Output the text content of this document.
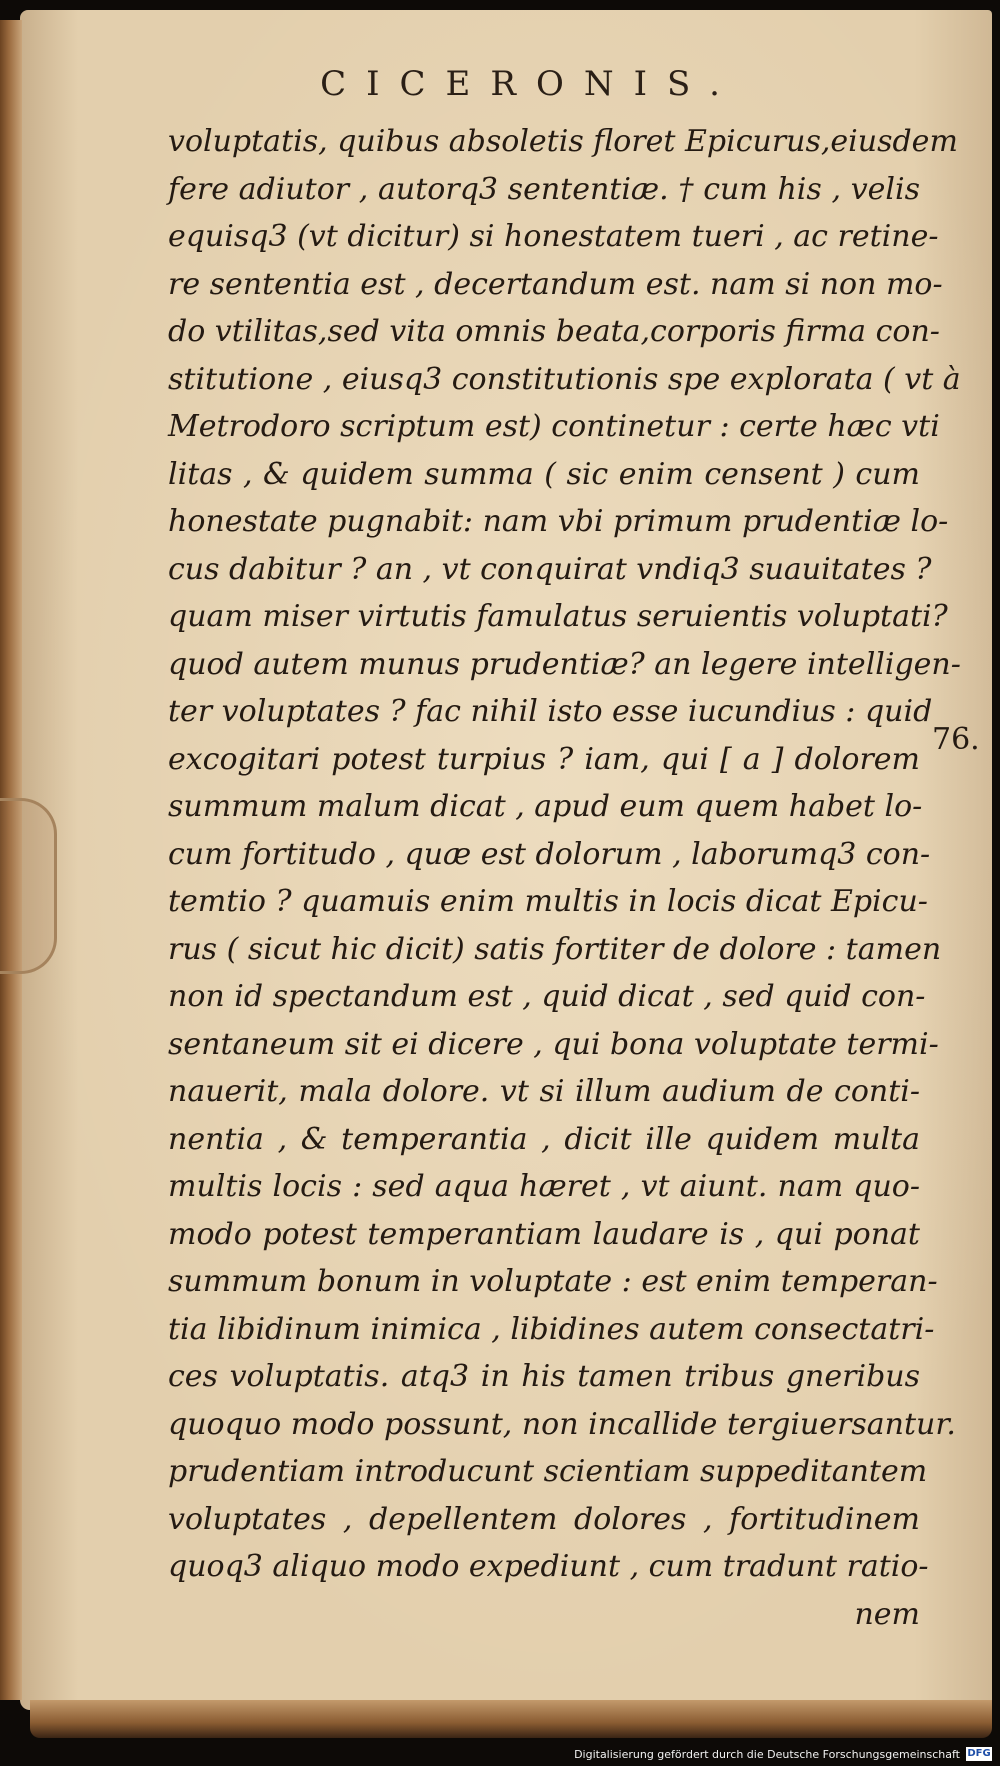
CICERONIS.
voluptatis, quibus absoletis floret Epicurus,eiusdem
fere adiutor , autorq3 sententiæ. † cum his , velis
equisq3 (vt dicitur) si honestatem tueri , ac retine-
re sententia est , decertandum est. nam si non mo-
do vtilitas,sed vita omnis beata,corporis firma con-
stitutione , eiusq3 constitutionis spe explorata ( vt à
Metrodoro scriptum est) continetur : certe hæc vti
litas , & quidem summa ( sic enim censent ) cum
honestate pugnabit: nam vbi primum prudentiæ lo-
cus dabitur ? an , vt conquirat vndiq3 suauitates ?
quam miser virtutis famulatus seruientis voluptati?
quod autem munus prudentiæ? an legere intelligen-
ter voluptates ? fac nihil isto esse iucundius : quid
excogitari potest turpius ? iam, qui [ a ] dolorem
summum malum dicat , apud eum quem habet lo-
cum fortitudo , quæ est dolorum , laborumq3 con-
temtio ? quamuis enim multis in locis dicat Epicu-
rus ( sicut hic dicit) satis fortiter de dolore : tamen
non id spectandum est , quid dicat , sed quid con-
sentaneum sit ei dicere , qui bona voluptate termi-
nauerit, mala dolore. vt si illum audium de conti-
nentia , & temperantia , dicit ille quidem multa
multis locis : sed aqua hæret , vt aiunt. nam quo-
modo potest temperantiam laudare is , qui ponat
summum bonum in voluptate : est enim temperan-
tia libidinum inimica , libidines autem consectatri-
ces voluptatis. atq3 in his tamen tribus gneribus
quoquo modo possunt, non incallide tergiuersantur.
prudentiam introducunt scientiam suppeditantem
voluptates , depellentem dolores , fortitudinem
quoq3 aliquo modo expediunt , cum tradunt ratio-
nem
76.
Digitalisierung gefördert durch die Deutsche Forschungsgemeinschaft DFG
